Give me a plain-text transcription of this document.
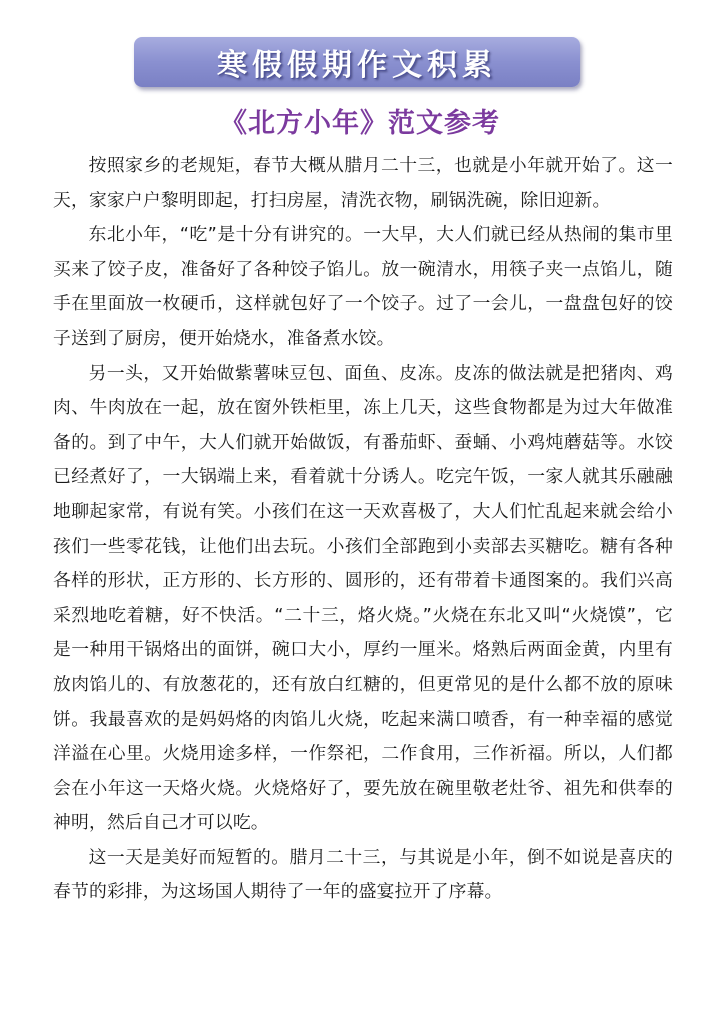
寒假假期作文积累
《北方小年》范文参考

按照家乡的老规矩，春节大概从腊月二十三，也就是小年就开始了。这一天，家家户户黎明即起，打扫房屋，清洗衣物，刷锅洗碗，除旧迎新。

东北小年，“吃”是十分有讲究的。一大早，大人们就已经从热闹的集市里买来了饺子皮，准备好了各种饺子馅儿。放一碗清水，用筷子夹一点馅儿，随手在里面放一枚硬币，这样就包好了一个饺子。过了一会儿，一盘盘包好的饺子送到了厨房，便开始烧水，准备煮水饺。

另一头，又开始做紫薯味豆包、面鱼、皮冻。皮冻的做法就是把猪肉、鸡肉、牛肉放在一起，放在窗外铁柜里，冻上几天，这些食物都是为过大年做准备的。到了中午，大人们就开始做饭，有番茄虾、蚕蛹、小鸡炖蘑菇等。水饺已经煮好了，一大锅端上来，看着就十分诱人。吃完午饭，一家人就其乐融融地聊起家常，有说有笑。小孩们在这一天欢喜极了，大人们忙乱起来就会给小孩们一些零花钱，让他们出去玩。小孩们全部跑到小卖部去买糖吃。糖有各种各样的形状，正方形的、长方形的、圆形的，还有带着卡通图案的。我们兴高采烈地吃着糖，好不快活。“二十三，烙火烧。”火烧在东北又叫“火烧馍”，它是一种用干锅烙出的面饼，碗口大小，厚约一厘米。烙熟后两面金黄，内里有放肉馅儿的、有放葱花的，还有放白红糖的，但更常见的是什么都不放的原味饼。我最喜欢的是妈妈烙的肉馅儿火烧，吃起来满口喷香，有一种幸福的感觉洋溢在心里。火烧用途多样，一作祭祀，二作食用，三作祈福。所以，人们都会在小年这一天烙火烧。火烧烙好了，要先放在碗里敬老灶爷、祖先和供奉的神明，然后自己才可以吃。

这一天是美好而短暂的。腊月二十三，与其说是小年，倒不如说是喜庆的春节的彩排，为这场国人期待了一年的盛宴拉开了序幕。
